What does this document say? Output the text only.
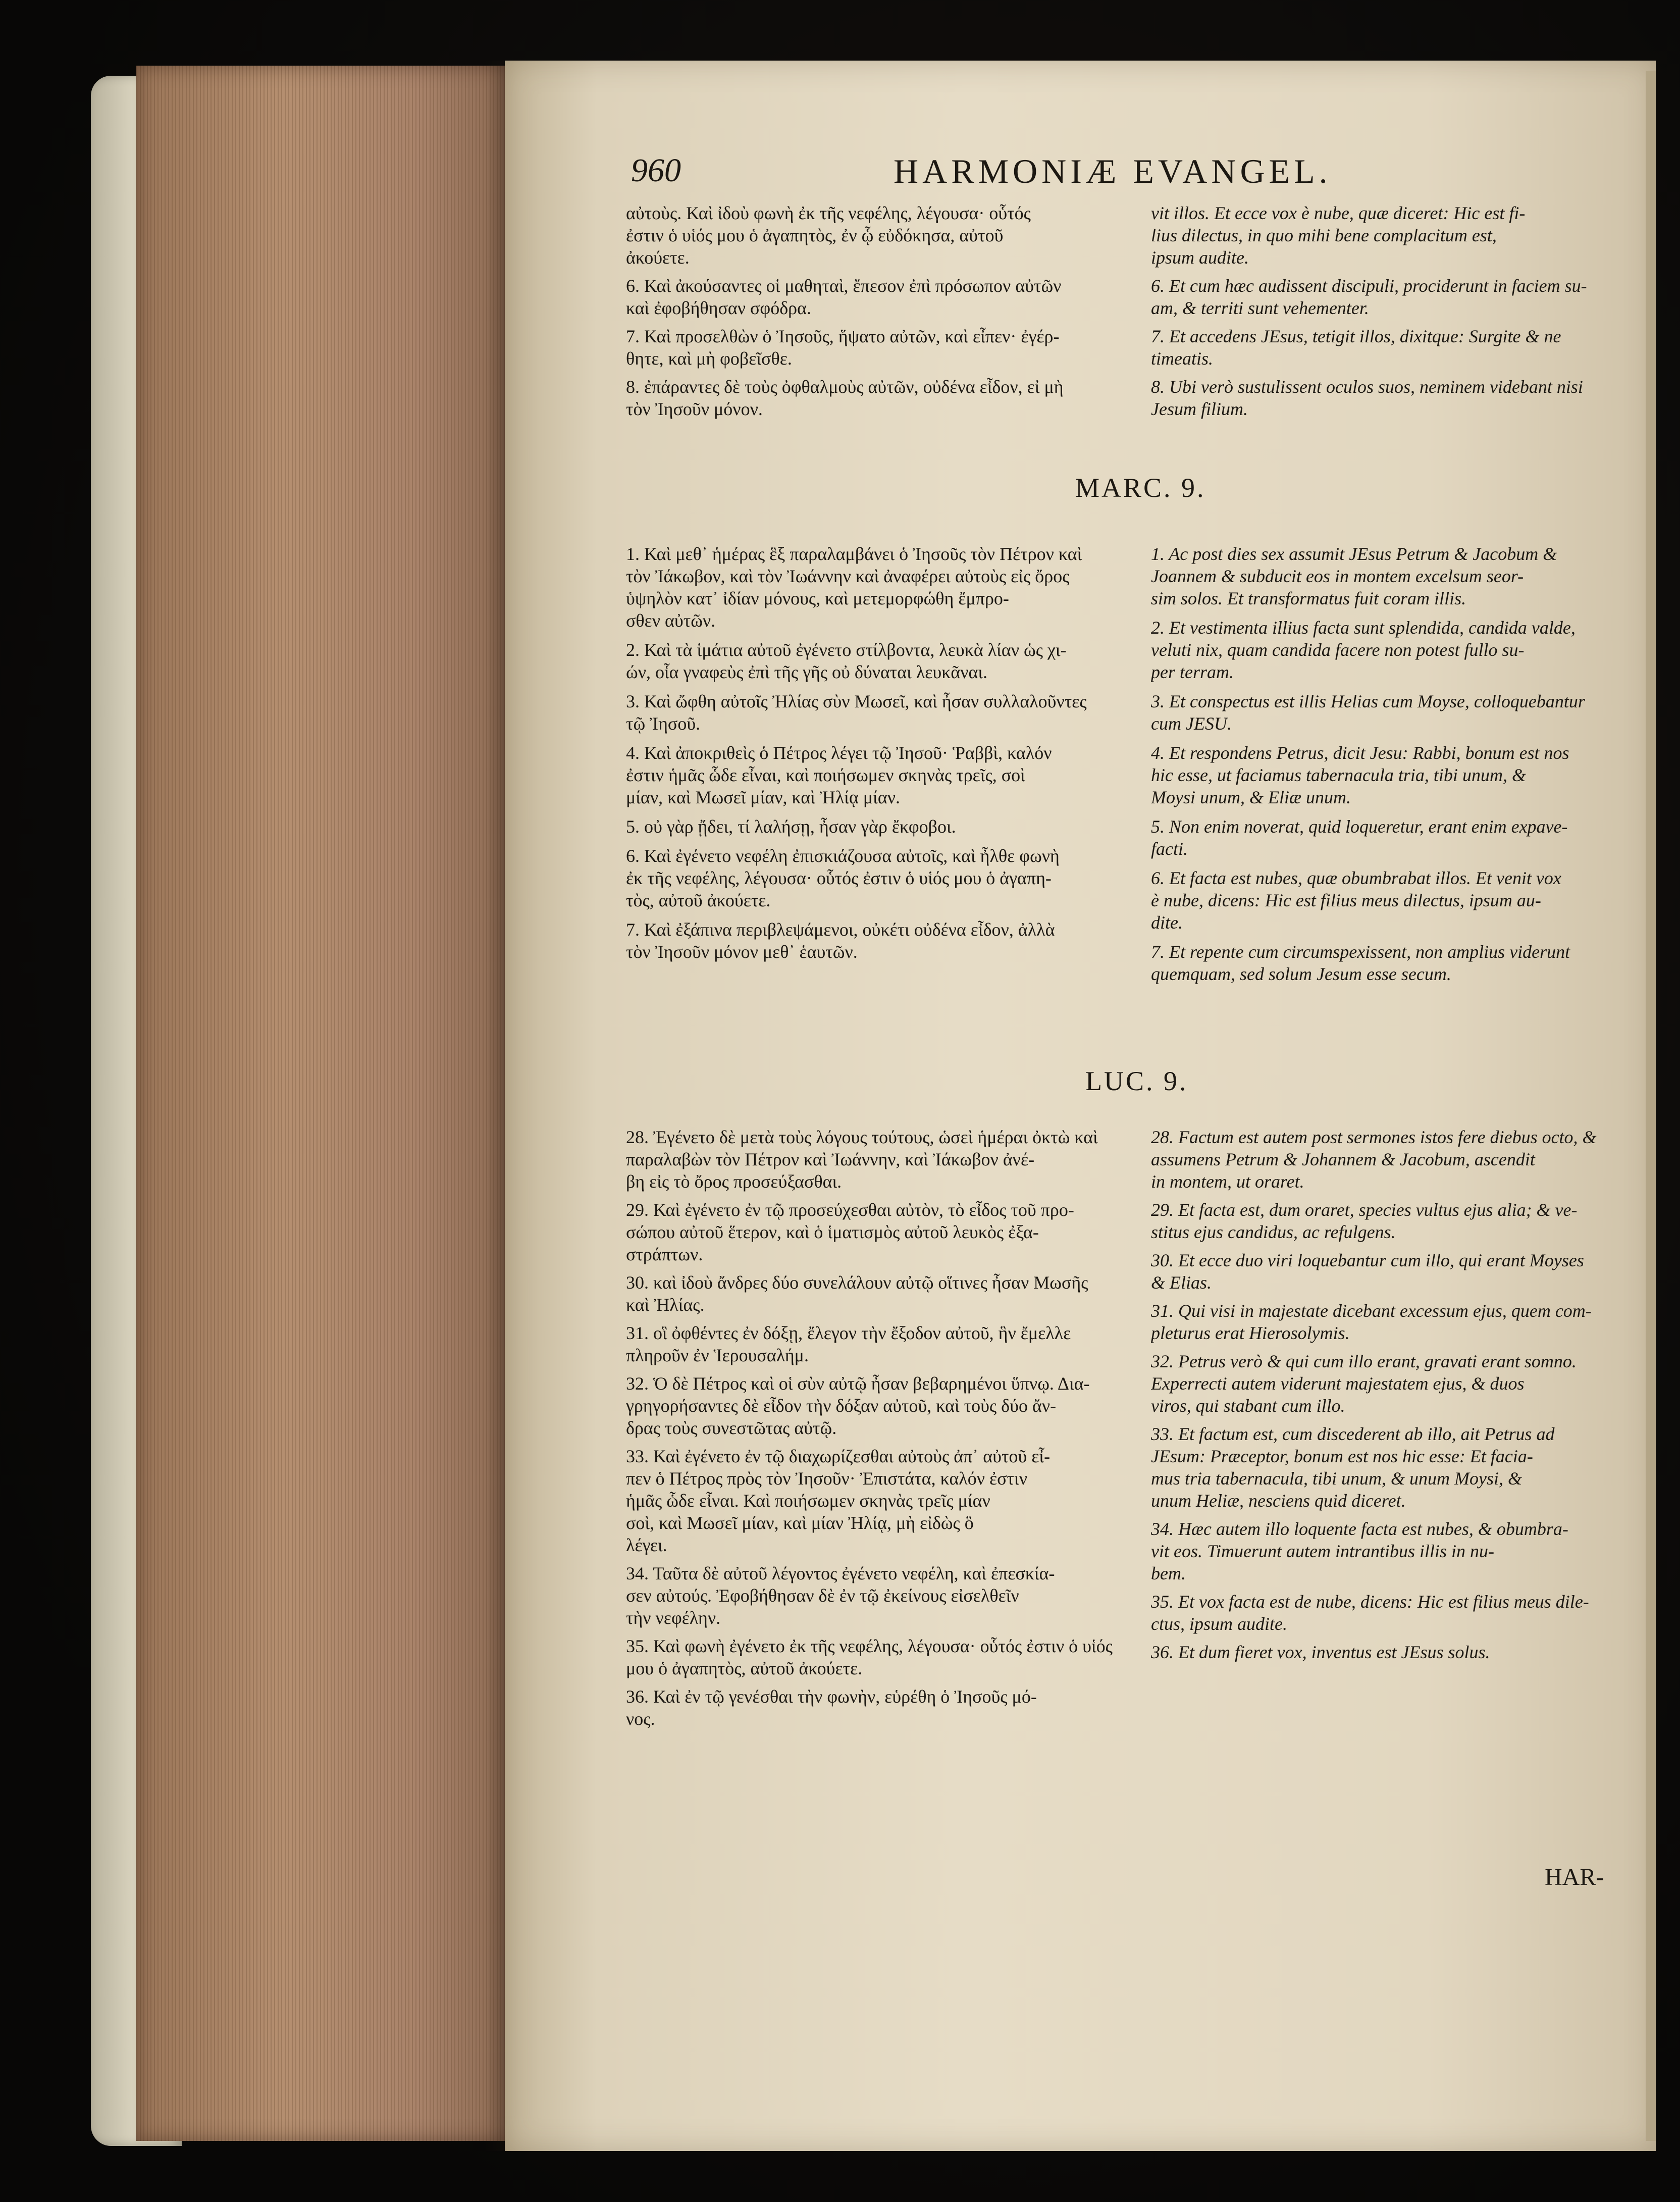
960	HARMONIÆ EVANGEL.
αὐτοὺς. Καὶ ἰδοὺ φωνὴ ἐκ τῆς νεφέλης, λέγουσα· οὗτός
ἐστιν ὁ υἱός μου ὁ ἀγαπητὸς, ἐν ᾧ εὐδόκησα, αὐτοῦ
ἀκούετε.
6. Καὶ ἀκούσαντες οἱ μαθηταὶ, ἔπεσον ἐπὶ πρόσωπον αὐτῶν
καὶ ἐφοβήθησαν σφόδρα.
7. Καὶ προσελθὼν ὁ Ἰησοῦς, ἥψατο αὐτῶν, καὶ εἶπεν· ἐγέρ-
θητε, καὶ μὴ φοβεῖσθε.
8. ἐπάραντες δὲ τοὺς ὀφθαλμοὺς αὐτῶν, οὐδένα εἶδον, εἰ μὴ
τὸν Ἰησοῦν μόνον.
vit illos. Et ecce vox è nube, quæ diceret: Hic est fi-
lius dilectus, in quo mihi bene complacitum est,
ipsum audite.
6. Et cum hæc audissent discipuli, prociderunt in faciem su-
am, & territi sunt vehementer.
7. Et accedens JEsus, tetigit illos, dixitque: Surgite & ne
timeatis.
8. Ubi verò sustulissent oculos suos, neminem videbant nisi
Jesum filium.
MARC. 9.
1. Καὶ μεθ᾽ ἡμέρας ἓξ παραλαμβάνει ὁ Ἰησοῦς τὸν Πέτρον καὶ
τὸν Ἰάκωβον, καὶ τὸν Ἰωάννην καὶ ἀναφέρει αὐτοὺς εἰς ὄρος
ὑψηλὸν κατ᾽ ἰδίαν μόνους, καὶ μετεμορφώθη ἔμπρο-
σθεν αὐτῶν.
2. Καὶ τὰ ἱμάτια αὐτοῦ ἐγένετο στίλβοντα, λευκὰ λίαν ὡς χι-
ών, οἷα γναφεὺς ἐπὶ τῆς γῆς οὐ δύναται λευκᾶναι.
3. Καὶ ὤφθη αὐτοῖς Ἠλίας σὺν Μωσεῖ, καὶ ἦσαν συλλαλοῦντες
τῷ Ἰησοῦ.
4. Καὶ ἀποκριθεὶς ὁ Πέτρος λέγει τῷ Ἰησοῦ· Ῥαββὶ, καλόν
ἐστιν ἡμᾶς ὧδε εἶναι, καὶ ποιήσωμεν σκηνὰς τρεῖς, σοὶ
μίαν, καὶ Μωσεῖ μίαν, καὶ Ἠλίᾳ μίαν.
5. οὐ γὰρ ᾔδει, τί λαλήσῃ, ἦσαν γὰρ ἔκφοβοι.
6. Καὶ ἐγένετο νεφέλη ἐπισκιάζουσα αὐτοῖς, καὶ ἦλθε φωνὴ
ἐκ τῆς νεφέλης, λέγουσα· οὗτός ἐστιν ὁ υἱός μου ὁ ἀγαπη-
τὸς, αὐτοῦ ἀκούετε.
7. Καὶ ἐξάπινα περιβλεψάμενοι, οὐκέτι οὐδένα εἶδον, ἀλλὰ
τὸν Ἰησοῦν μόνον μεθ᾽ ἑαυτῶν.
1. Ac post dies sex assumit JEsus Petrum & Jacobum &
Joannem & subducit eos in montem excelsum seor-
sim solos. Et transformatus fuit coram illis.
2. Et vestimenta illius facta sunt splendida, candida valde,
veluti nix, quam candida facere non potest fullo su-
per terram.
3. Et conspectus est illis Helias cum Moyse, colloquebantur
cum JESU.
4. Et respondens Petrus, dicit Jesu: Rabbi, bonum est nos
hic esse, ut faciamus tabernacula tria, tibi unum, &
Moysi unum, & Eliæ unum.
5. Non enim noverat, quid loqueretur, erant enim expave-
facti.
6. Et facta est nubes, quæ obumbrabat illos. Et venit vox
è nube, dicens: Hic est filius meus dilectus, ipsum au-
dite.
7. Et repente cum circumspexissent, non amplius viderunt
quemquam, sed solum Jesum esse secum.
LUC. 9.
28. Ἐγένετο δὲ μετὰ τοὺς λόγους τούτους, ὡσεὶ ἡμέραι ὀκτὼ καὶ
παραλαβὼν τὸν Πέτρον καὶ Ἰωάννην, καὶ Ἰάκωβον ἀνέ-
βη εἰς τὸ ὄρος προσεύξασθαι.
29. Καὶ ἐγένετο ἐν τῷ προσεύχεσθαι αὐτὸν, τὸ εἶδος τοῦ προ-
σώπου αὐτοῦ ἕτερον, καὶ ὁ ἱματισμὸς αὐτοῦ λευκὸς ἐξα-
στράπτων.
30. καὶ ἰδοὺ ἄνδρες δύο συνελάλουν αὐτῷ οἵτινες ἦσαν Μωσῆς
καὶ Ἠλίας.
31. οἳ ὀφθέντες ἐν δόξῃ, ἔλεγον τὴν ἔξοδον αὐτοῦ, ἣν ἔμελλε
πληροῦν ἐν Ἱερουσαλήμ.
32. Ὁ δὲ Πέτρος καὶ οἱ σὺν αὐτῷ ἦσαν βεβαρημένοι ὕπνῳ. Δια-
γρηγορήσαντες δὲ εἶδον τὴν δόξαν αὐτοῦ, καὶ τοὺς δύο ἄν-
δρας τοὺς συνεστῶτας αὐτῷ.
33. Καὶ ἐγένετο ἐν τῷ διαχωρίζεσθαι αὐτοὺς ἀπ᾽ αὐτοῦ εἶ-
πεν ὁ Πέτρος πρὸς τὸν Ἰησοῦν· Ἐπιστάτα, καλόν ἐστιν
ἡμᾶς ὧδε εἶναι. Καὶ ποιήσωμεν σκηνὰς τρεῖς μίαν
σοὶ, καὶ Μωσεῖ μίαν, καὶ μίαν Ἠλίᾳ, μὴ εἰδὼς ὃ
λέγει.
34. Ταῦτα δὲ αὐτοῦ λέγοντος ἐγένετο νεφέλη, καὶ ἐπεσκία-
σεν αὐτούς. Ἐφοβήθησαν δὲ ἐν τῷ ἐκείνους εἰσελθεῖν
τὴν νεφέλην.
35. Καὶ φωνὴ ἐγένετο ἐκ τῆς νεφέλης, λέγουσα· οὗτός ἐστιν ὁ υἱός
μου ὁ ἀγαπητὸς, αὐτοῦ ἀκούετε.
36. Καὶ ἐν τῷ γενέσθαι τὴν φωνὴν, εὑρέθη ὁ Ἰησοῦς μό-
νος.
28. Factum est autem post sermones istos fere diebus octo, &
assumens Petrum & Johannem & Jacobum, ascendit
in montem, ut oraret.
29. Et facta est, dum oraret, species vultus ejus alia; & ve-
stitus ejus candidus, ac refulgens.
30. Et ecce duo viri loquebantur cum illo, qui erant Moyses
& Elias.
31. Qui visi in majestate dicebant excessum ejus, quem com-
pleturus erat Hierosolymis.
32. Petrus verò & qui cum illo erant, gravati erant somno.
Experrecti autem viderunt majestatem ejus, & duos
viros, qui stabant cum illo.
33. Et factum est, cum discederent ab illo, ait Petrus ad
JEsum: Præceptor, bonum est nos hic esse: Et facia-
mus tria tabernacula, tibi unum, & unum Moysi, &
unum Heliæ, nesciens quid diceret.
34. Hæc autem illo loquente facta est nubes, & obumbra-
vit eos. Timuerunt autem intrantibus illis in nu-
bem.
35. Et vox facta est de nube, dicens: Hic est filius meus dile-
ctus, ipsum audite.
36. Et dum fieret vox, inventus est JEsus solus.
HAR-
